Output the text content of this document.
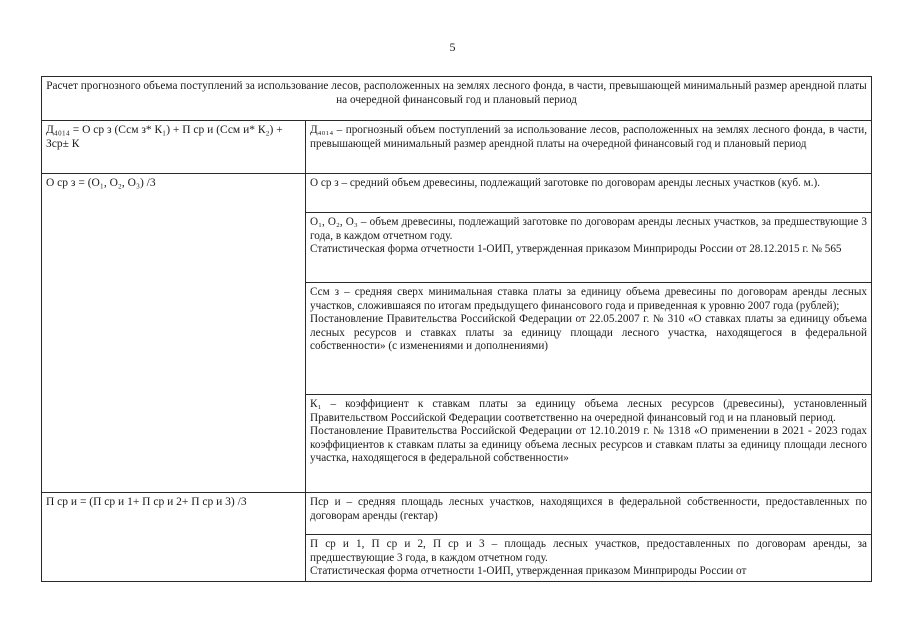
5
Расчет прогнозного объема поступлений за использование лесов, расположенных на землях лесного фонда, в части, превышающей минимальный размер арендной платы на очередной финансовый год и плановый период	
Д₄₀₁₄ = О ср з (Ссм з* К₁) + П ср и (Ссм и* К₂) + Зср± К	Д₄₀₁₄ – прогнозный объем поступлений за использование лесов, расположенных на землях лесного фонда, в части, превышающей минимальный размер арендной платы на очередной финансовый год и плановый период
О ср з = (О₁, О₂, О₃) /3	О ср з – средний объем древесины, подлежащий заготовке по договорам аренды лесных участков (куб. м.).
	О₁, О₂, О₃ – объем древесины, подлежащий заготовке по договорам аренды лесных участков, за предшествующие 3 года, в каждом отчетном году.
Статистическая форма отчетности 1-ОИП, утвержденная приказом Минприроды России от 28.12.2015 г. № 565
	Ссм з – средняя сверх минимальная ставка платы за единицу объема древесины по договорам аренды лесных участков, сложившаяся по итогам предыдущего финансового года и приведенная к уровню 2007 года (рублей);
Постановление Правительства Российской Федерации от 22.05.2007 г. № 310 «О ставках платы за единицу объема лесных ресурсов и ставках платы за единицу площади лесного участка, находящегося в федеральной собственности» (с изменениями и дополнениями)
	К₁ – коэффициент к ставкам платы за единицу объема лесных ресурсов (древесины), установленный Правительством Российской Федерации соответственно на очередной финансовый год и на плановый период.
Постановление Правительства Российской Федерации от 12.10.2019 г. № 1318 «О применении в 2021 - 2023 годах коэффициентов к ставкам платы за единицу объема лесных ресурсов и ставкам платы за единицу площади лесного участка, находящегося в федеральной собственности»
П ср и = (П ср и 1+ П ср и 2+ П ср и 3) /3	Пср и – средняя площадь лесных участков, находящихся в федеральной собственности, предоставленных по договорам аренды (гектар)
	П ср и 1, П ср и 2, П ср и 3 – площадь лесных участков, предоставленных по договорам аренды, за предшествующие 3 года, в каждом отчетном году.
Статистическая форма отчетности 1-ОИП, утвержденная приказом Минприроды России от
